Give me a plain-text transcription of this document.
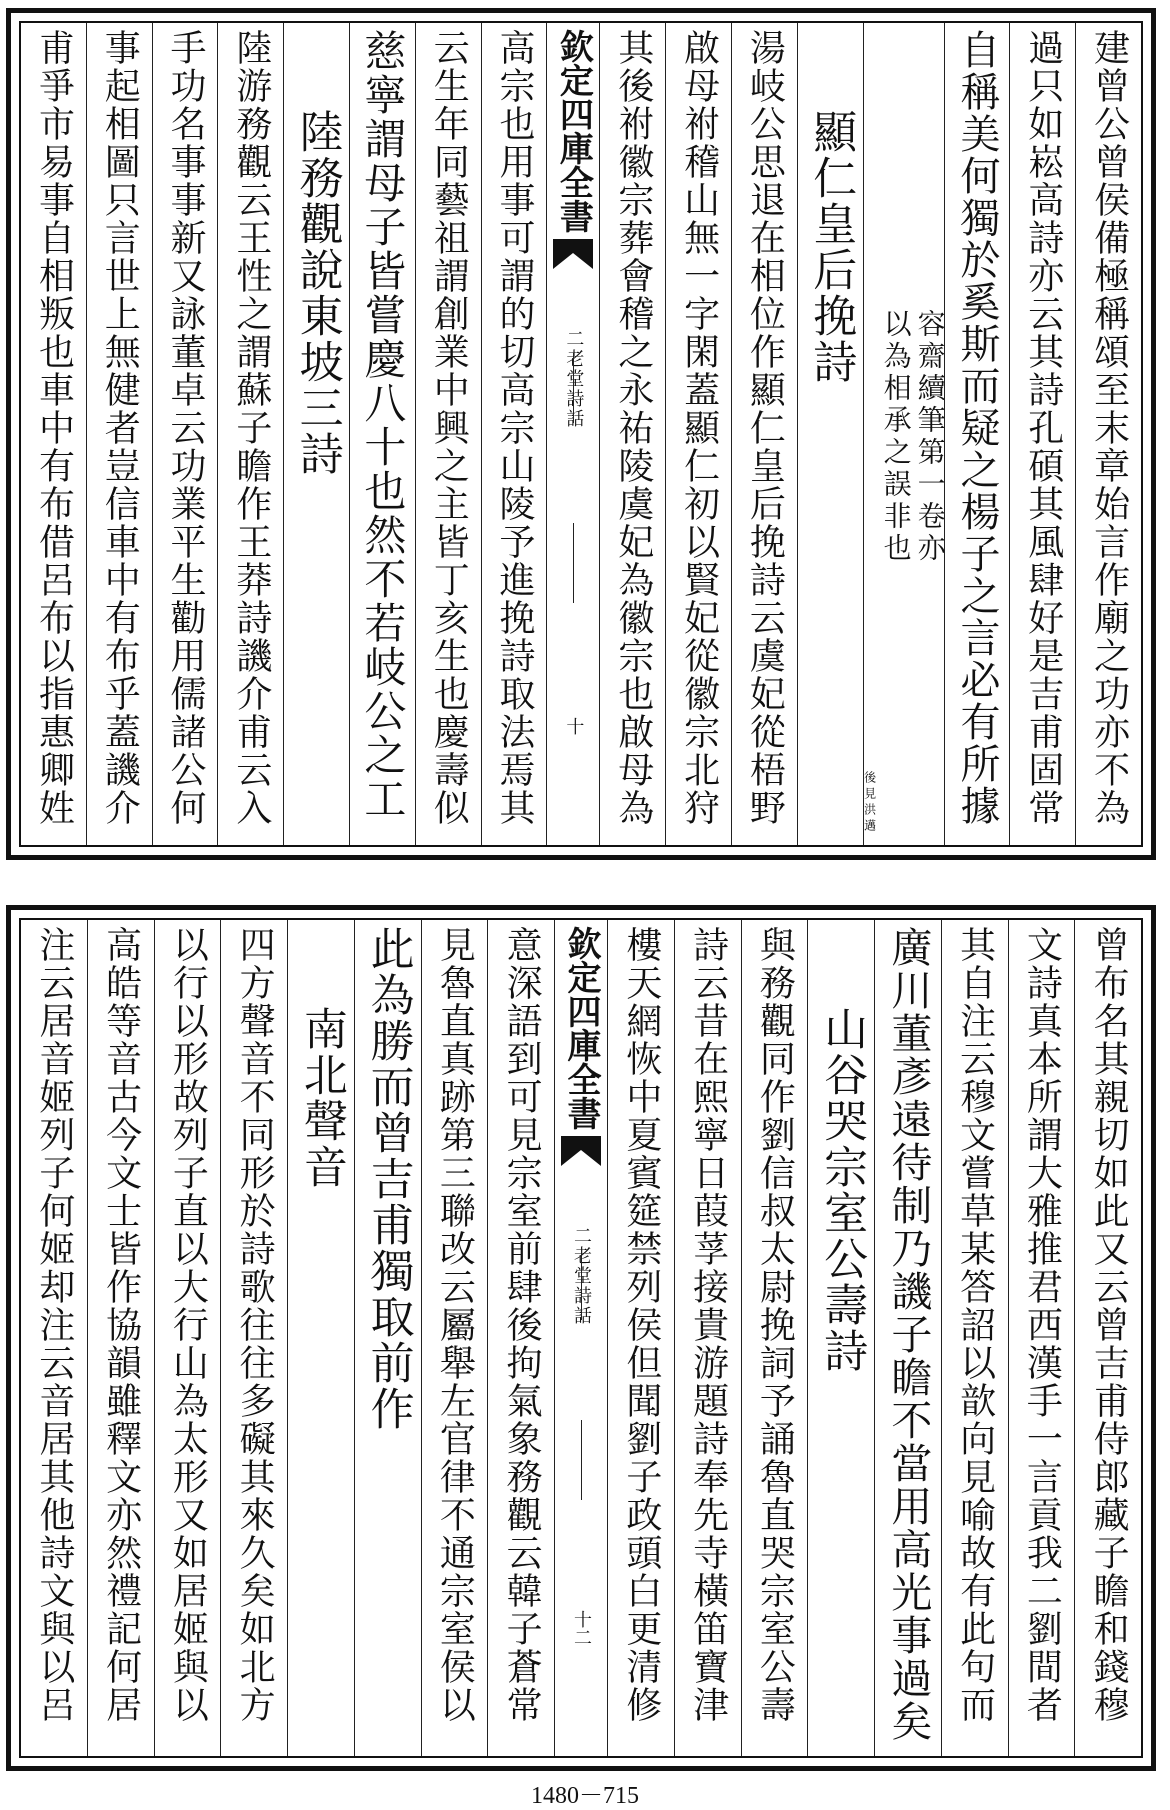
建曾公曾侯備極稱頌至末章始言作廟之功亦不為
過只如崧高詩亦云其詩孔碩其風肆好是吉甫固常
自稱美何獨於奚斯而疑之楊子之言必有所據
容齋續筆第一卷亦
以為相承之誤非也
後見洪邁
顯仁皇后挽詩
湯岐公思退在相位作顯仁皇后挽詩云虞妃從梧野
啟母祔稽山無一字閑蓋顯仁初以賢妃從徽宗北狩
其後祔徽宗葬會稽之永祐陵虞妃為徽宗也啟母為
欽定四庫全書
二老堂詩話
十
高宗也用事可謂的切高宗山陵予進挽詩取法焉其
云生年同藝祖謂創業中興之主皆丁亥生也慶壽似
慈寧謂母子皆嘗慶八十也然不若岐公之工
陸務觀說東坡三詩
陸游務觀云王性之謂蘇子瞻作王莽詩譏介甫云入
手功名事事新又詠董卓云功業平生勸用儒諸公何
事起相圖只言世上無健者豈信車中有布乎蓋譏介
甫爭市易事自相叛也車中有布借呂布以指惠卿姓
曾布名其親切如此又云曾吉甫侍郎藏子瞻和錢穆
文詩真本所謂大雅推君西漢手一言貢我二劉間者
其自注云穆文嘗草某答詔以歆向見喻故有此句而
廣川董彥遠待制乃譏子瞻不當用高光事過矣
山谷哭宗室公壽詩
與務觀同作劉信叔太尉挽詞予誦魯直哭宗室公壽
詩云昔在熙寧日葭莩接貴游題詩奉先寺橫笛寶津
樓天網恢中夏賓筵禁列侯但聞劉子政頭白更清修
欽定四庫全書
二老堂詩話
十二
意深語到可見宗室前肆後拘氣象務觀云韓子蒼常
見魯直真跡第三聯改云屬舉左官律不通宗室侯以
此為勝而曾吉甫獨取前作
南北聲音
四方聲音不同形於詩歌往往多礙其來久矣如北方
以行以形故列子直以大行山為太形又如居姬與以
高皓等音古今文士皆作協韻雖釋文亦然禮記何居
注云居音姬列子何姬却注云音居其他詩文與以呂
1480－715
